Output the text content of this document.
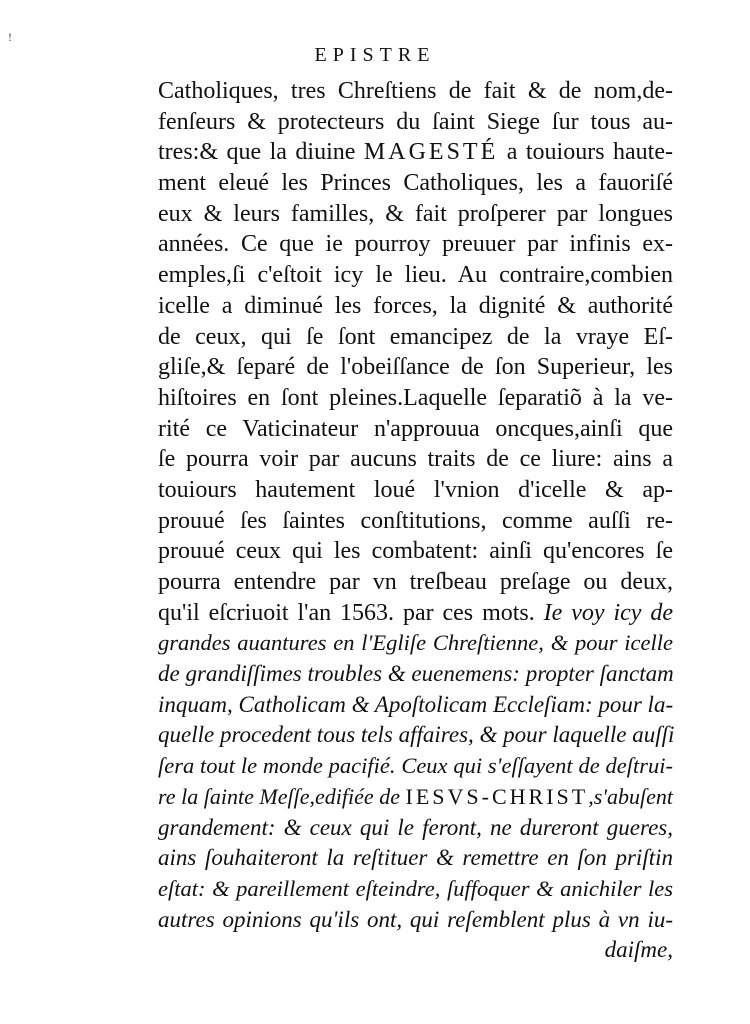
!
EPISTRE
Catholiques, tres Chreſtiens de fait & de nom,de-
fenſeurs & protecteurs du ſaint Siege ſur tous au-
tres:& que la diuine MAGESTÉ a touiours haute-
ment eleué les Princes Catholiques, les a fauoriſé
eux & leurs familles, & fait proſperer par longues
années. Ce que ie pourroy preuuer par infinis ex-
emples,ſi c'eſtoit icy le lieu. Au contraire,combien
icelle a diminué les forces, la dignité & authorité
de ceux, qui ſe ſont emancipez de la vraye Eſ-
gliſe,& ſeparé de l'obeiſſance de ſon Superieur, les
hiſtoires en ſont pleines.Laquelle ſeparatiõ à la ve-
rité ce Vaticinateur n'approuua oncques,ainſi que
ſe pourra voir par aucuns traits de ce liure: ains a
touiours hautement loué l'vnion d'icelle & ap-
prouué ſes ſaintes conſtitutions, comme auſſi re-
prouué ceux qui les combatent: ainſi qu'encores ſe
pourra entendre par vn treſbeau preſage ou deux,
qu'il eſcriuoit l'an 1563. par ces mots. Ie voy icy de
grandes auantures en l'Egliſe Chreſtienne, & pour icelle
de grandiſſimes troubles & euenemens: propter ſanctam
inquam, Catholicam & Apoſtolicam Eccleſiam: pour la-
quelle procedent tous tels affaires, & pour laquelle auſſi
ſera tout le monde pacifié. Ceux qui s'eſſayent de deſtrui-
re la ſainte Meſſe,edifiée de IESVS-CHRIST,s'abuſent
grandement: & ceux qui le feront, ne dureront gueres,
ains ſouhaiteront la reſtituer & remettre en ſon priſtin
eſtat: & pareillement eſteindre, ſuffoquer & anichiler les
autres opinions qu'ils ont, qui reſemblent plus à vn iu-
daiſme,
